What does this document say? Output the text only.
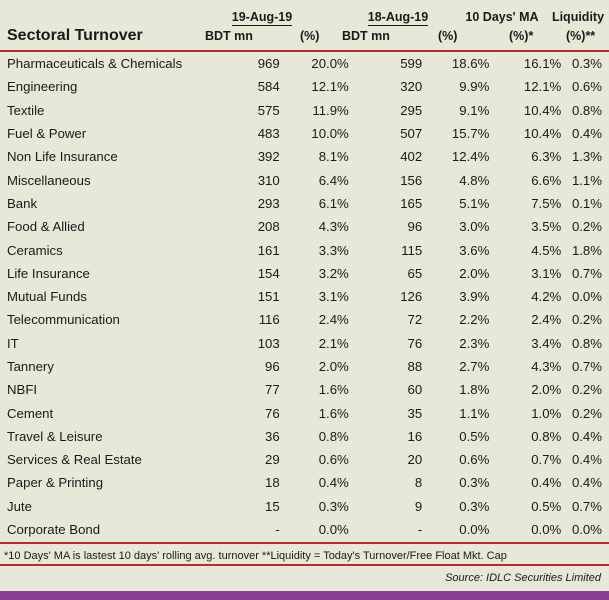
19-Aug-19	18-Aug-19	10 Days' MA	Liquidity
Sectoral Turnover	BDT mn	(%) BDT mn	(%)	(%)*	(%)**
Pharmaceuticals & Chemicals	969	20.0%	599	18.6%	16.1%	0.3%
Engineering	584	12.1%	320	9.9%	12.1%	0.6%
Textile	575	11.9%	295	9.1%	10.4%	0.8%
Fuel & Power	483	10.0%	507	15.7%	10.4%	0.4%
Non Life Insurance	392	8.1%	402	12.4%	6.3%	1.3%
Miscellaneous	310	6.4%	156	4.8%	6.6%	1.1%
Bank	293	6.1%	165	5.1%	7.5%	0.1%
Food & Allied	208	4.3%	96	3.0%	3.5%	0.2%
Ceramics	161	3.3%	115	3.6%	4.5%	1.8%
Life Insurance	154	3.2%	65	2.0%	3.1%	0.7%
Mutual Funds	151	3.1%	126	3.9%	4.2%	0.0%
Telecommunication	116	2.4%	72	2.2%	2.4%	0.2%
IT	103	2.1%	76	2.3%	3.4%	0.8%
Tannery	96	2.0%	88	2.7%	4.3%	0.7%
NBFI	77	1.6%	60	1.8%	2.0%	0.2%
Cement	76	1.6%	35	1.1%	1.0%	0.2%
Travel & Leisure	36	0.8%	16	0.5%	0.8%	0.4%
Services & Real Estate	29	0.6%	20	0.6%	0.7%	0.4%
Paper & Printing	18	0.4%	8	0.3%	0.4%	0.4%
Jute	15	0.3%	9	0.3%	0.5%	0.7%
Corporate Bond	-	0.0%	-	0.0%	0.0%	0.0%
*10 Days' MA is lastest 10 days' rolling avg. turnover **Liquidity = Today's Turnover/Free Float Mkt. Cap
Source: IDLC Securities Limited
